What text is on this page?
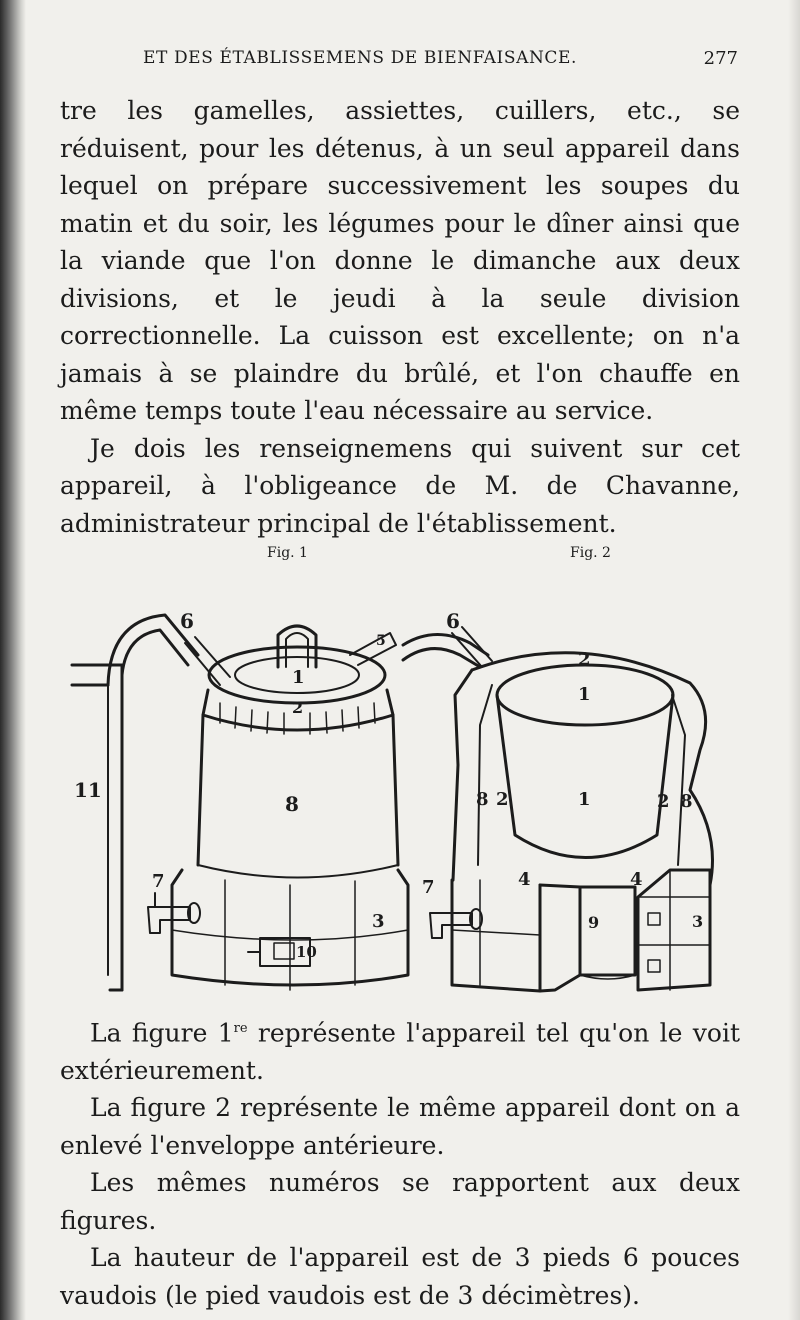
ET DES ÉTABLISSEMENS DE BIENFAISANCE.	277

tre les gamelles, assiettes, cuillers, etc., se réduisent, pour les détenus, à un seul appareil dans lequel on prépare successivement les soupes du matin et du soir, les légumes pour le dîner ainsi que la viande que l'on donne le dimanche aux deux divisions, et le jeudi à la seule division correctionnelle. La cuisson est excellente; on n'a jamais à se plaindre du brûlé, et l'on chauffe en même temps toute l'eau nécessaire au service.

Je dois les renseignemens qui suivent sur cet appareil, à l'obligeance de M. de Chavanne, administrateur principal de l'établissement.

Fig. 1	Fig. 2
6
5
1
2
8
11
7
3
10
6
2
1
8 2	1	2 8
4	4
7
9	3

La figure 1re représente l'appareil tel qu'on le voit extérieurement.

La figure 2 représente le même appareil dont on a enlevé l'enveloppe antérieure.

Les mêmes numéros se rapportent aux deux figures.

La hauteur de l'appareil est de 3 pieds 6 pouces vaudois (le pied vaudois est de 3 décimètres).
